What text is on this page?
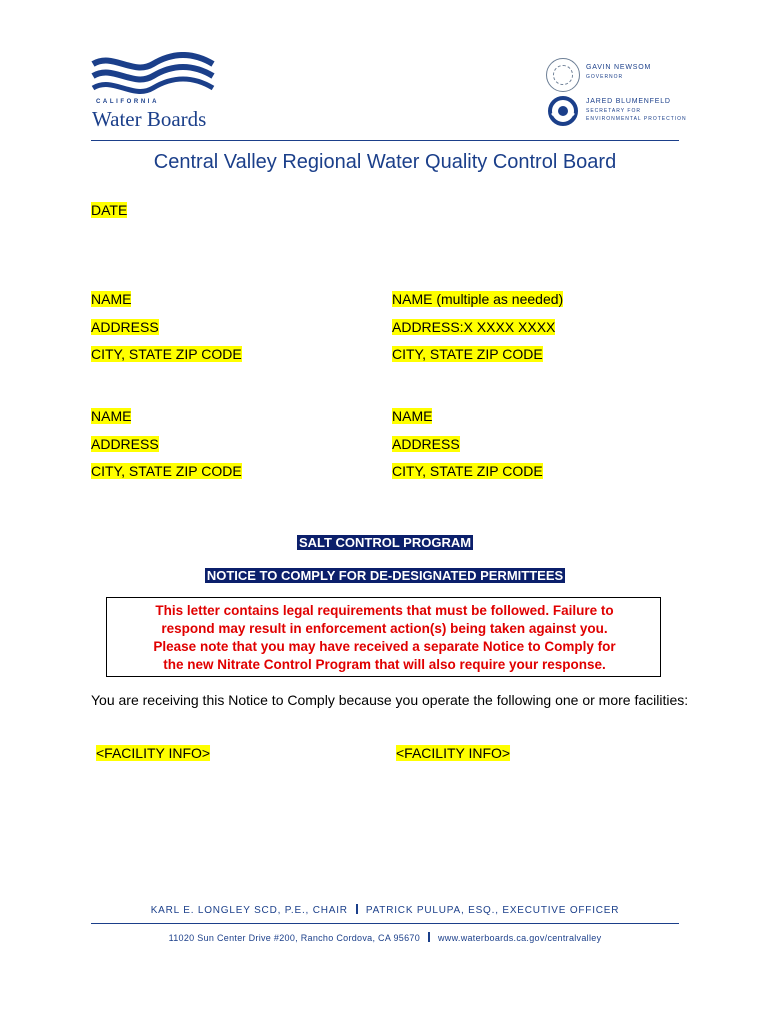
CALIFORNIA
Water Boards
GAVIN NEWSOM
GOVERNOR
JARED BLUMENFELD
SECRETARY FOR
ENVIRONMENTAL PROTECTION
Central Valley Regional Water Quality Control Board
DATE
NAME
ADDRESS
CITY, STATE ZIP CODE
NAME (multiple as needed)
ADDRESS:X XXXX XXXX
CITY, STATE ZIP CODE
NAME
ADDRESS
CITY, STATE ZIP CODE
NAME
ADDRESS
CITY, STATE ZIP CODE
SALT CONTROL PROGRAM
NOTICE TO COMPLY FOR DE-DESIGNATED PERMITTEES
This letter contains legal requirements that must be followed. Failure to
respond may result in enforcement action(s) being taken against you.
Please note that you may have received a separate Notice to Comply for
the new Nitrate Control Program that will also require your response.
You are receiving this Notice to Comply because you operate the following one or more facilities:
<FACILITY INFO>	<FACILITY INFO>
KARL E. LONGLEY SCD, P.E., CHAIR PATRICK PULUPA, ESQ., EXECUTIVE OFFICER
11020 Sun Center Drive #200, Rancho Cordova, CA 95670 www.waterboards.ca.gov/centralvalley
